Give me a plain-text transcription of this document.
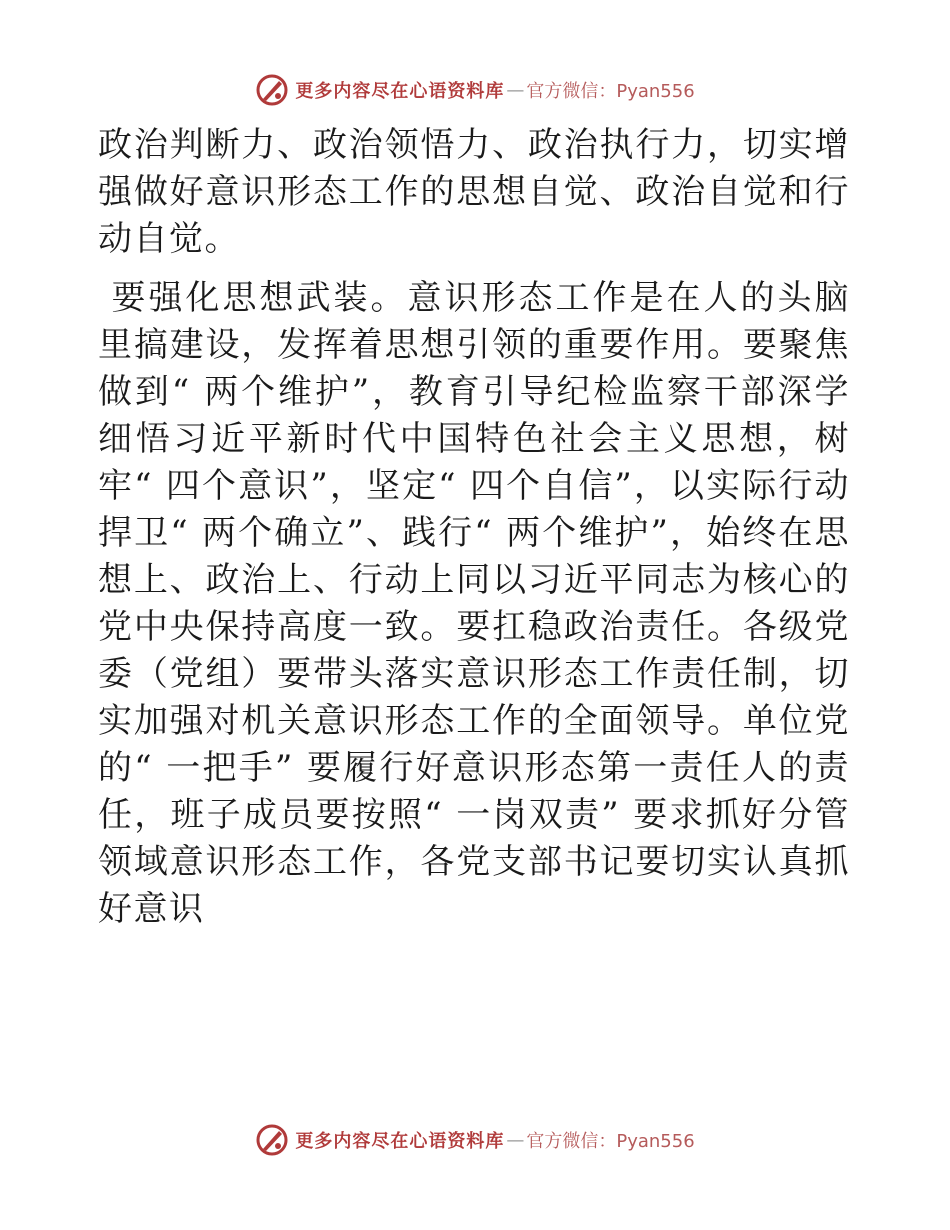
更多内容尽在心语资料库 — 官方微信：Pyan556

政治判断力、政治领悟力、政治执行力，切实增强做好意识形态工作的思想自觉、政治自觉和行动自觉。

要强化思想武装。意识形态工作是在人的头脑里搞建设，发挥着思想引领的重要作用。要聚焦做到“ 两个维护”，教育引导纪检监察干部深学细悟习近平新时代中国特色社会主义思想，树牢“ 四个意识”，坚定“ 四个自信”，以实际行动捍卫“ 两个确立”、践行“ 两个维护”，始终在思想上、政治上、行动上同以习近平同志为核心的党中央保持高度一致。要扛稳政治责任。各级党委（党组）要带头落实意识形态工作责任制，切实加强对机关意识形态工作的全面领导。单位党的“ 一把手” 要履行好意识形态第一责任人的责任，班子成员要按照“ 一岗双责” 要求抓好分管领域意识形态工作，各党支部书记要切实认真抓好意识

更多内容尽在心语资料库 — 官方微信：Pyan556
